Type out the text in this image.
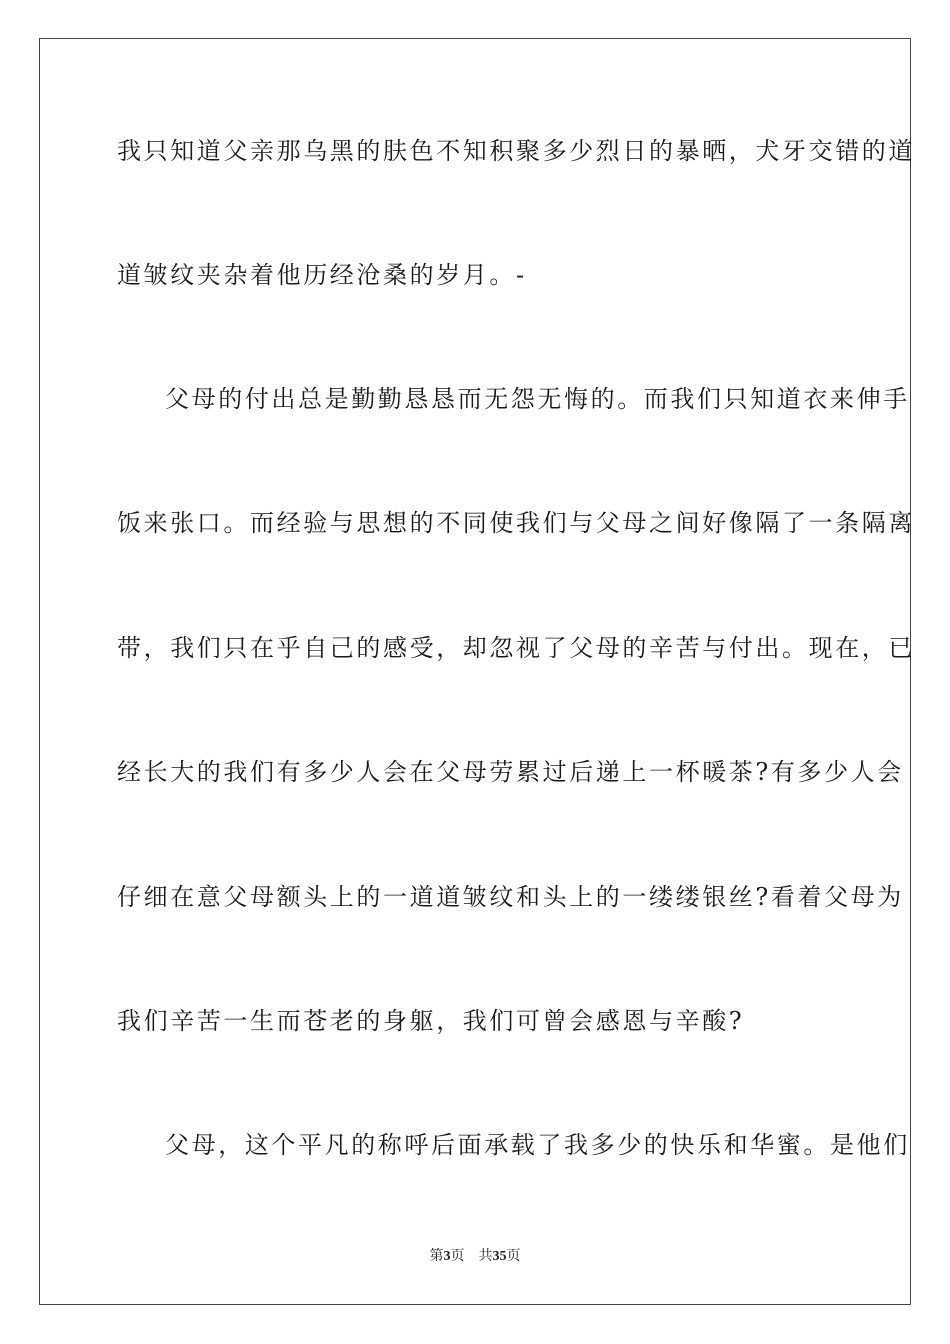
我只知道父亲那乌黑的肤色不知积聚多少烈日的暴晒，犬牙交错的道
道皱纹夹杂着他历经沧桑的岁月。-
父母的付出总是勤勤恳恳而无怨无悔的。而我们只知道衣来伸手
饭来张口。而经验与思想的不同使我们与父母之间好像隔了一条隔离
带，我们只在乎自己的感受，却忽视了父母的辛苦与付出。现在，已
经长大的我们有多少人会在父母劳累过后递上一杯暖茶?有多少人会
仔细在意父母额头上的一道道皱纹和头上的一缕缕银丝?看着父母为
我们辛苦一生而苍老的身躯，我们可曾会感恩与辛酸?
父母，这个平凡的称呼后面承载了我多少的快乐和华蜜。是他们
第3页 共35页
